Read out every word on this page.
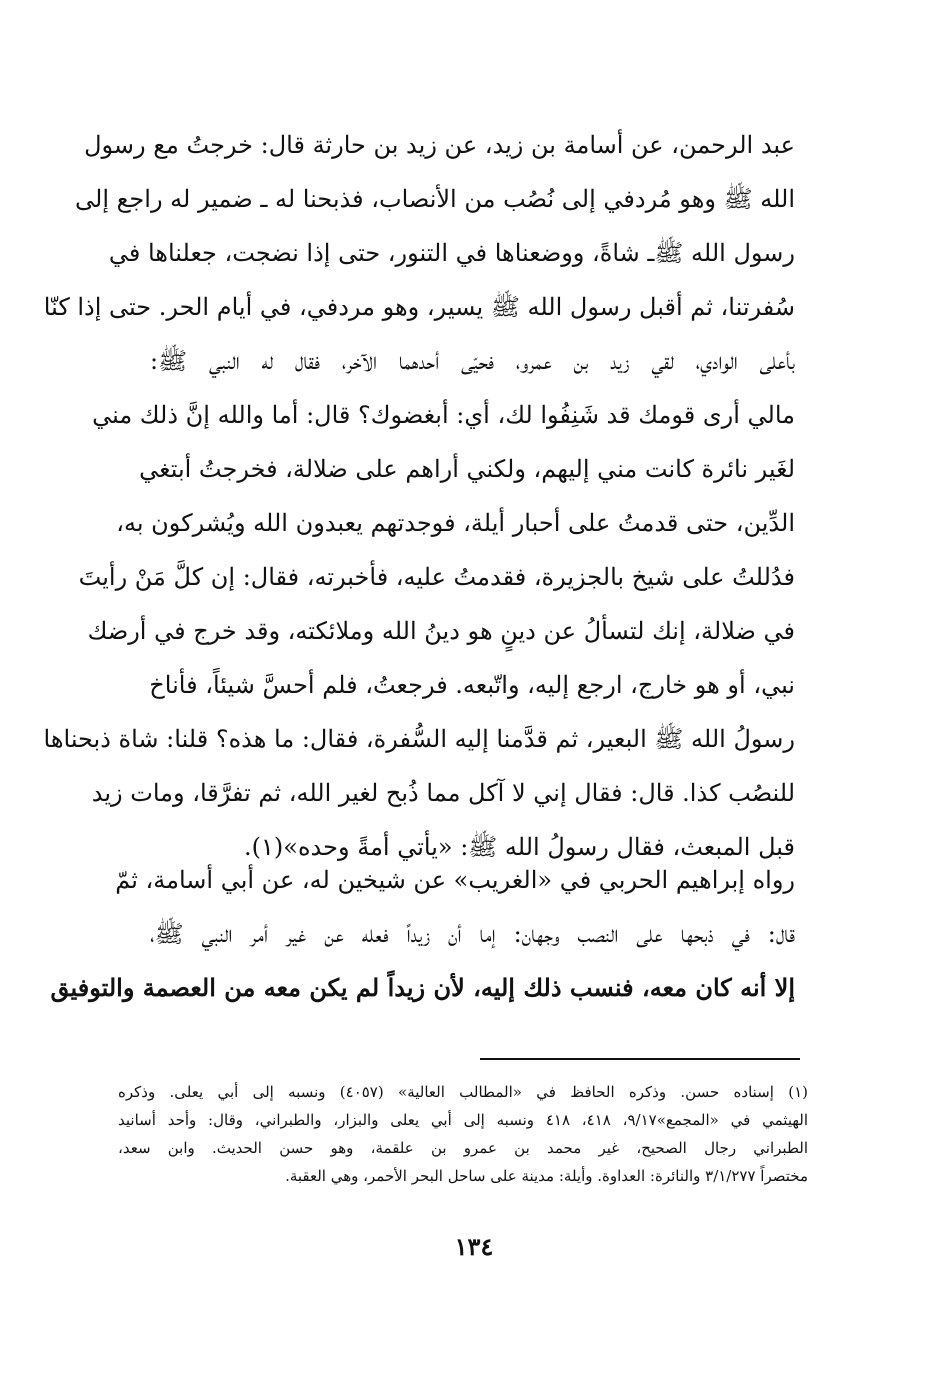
عبد الرحمن، عن أسامة بن زيد، عن زيد بن حارثة قال: خرجتُ مع رسول
الله ﷺ وهو مُردفي إلى نُصُب من الأنصاب، فذبحنا له ـ ضمير له راجع إلى
رسول الله ﷺـ شاةً، ووضعناها في التنور، حتى إذا نضجت، جعلناها في
سُفرتنا، ثم أقبل رسول الله ﷺ يسير، وهو مردفي، في أيام الحر. حتى إذا كنّا
بأعلى الوادي، لقي زيد بن عمرو، فحيّى أحدهما الآخر، فقال له النبي ﷺ:
مالي أرى قومك قد شَنِفُوا لك، أي: أبغضوك؟ قال: أما والله إنَّ ذلك مني
لغَير نائرة كانت مني إليهم، ولكني أراهم على ضلالة، فخرجتُ أبتغي
الدِّين، حتى قدمتُ على أحبار أيلة، فوجدتهم يعبدون الله ويُشركون به،
فدُللتُ على شيخ بالجزيرة، فقدمتُ عليه، فأخبرته، فقال: إن كلَّ مَنْ رأيتَ
في ضلالة، إنك لتسألُ عن دينٍ هو دينُ الله وملائكته، وقد خرج في أرضك
نبي، أو هو خارج، ارجع إليه، واتّبعه. فرجعتُ، فلم أحسَّ شيئاً، فأناخ
رسولُ الله ﷺ البعير، ثم قدَّمنا إليه السُّفرة، فقال: ما هذه؟ قلنا: شاة ذبحناها
للنصُب كذا. قال: فقال إني لا آكل مما ذُبح لغير الله، ثم تفرَّقا، ومات زيد
قبل المبعث، فقال رسولُ الله ﷺ: «يأتي أمةً وحده»(١).
رواه إبراهيم الحربي في «الغريب» عن شيخين له، عن أبي أسامة، ثمّ
قال: في ذبحها على النصب وجهان: إما أن زيداً فعله عن غير أمر النبي ﷺ،
إلا أنه كان معه، فنسب ذلك إليه، لأن زيداً لم يكن معه من العصمة والتوفيق
(١) إسناده حسن. وذكره الحافظ في «المطالب العالية» (٤٠٥٧) ونسبه إلى أبي يعلى. وذكره
الهيثمي في «المجمع»٩/١٧، ٤١٨، ٤١٨ ونسبه إلى أبي يعلى والبزار، والطبراني، وقال: وأحد أسانيد
الطبراني رجال الصحيح، غير محمد بن عمرو بن علقمة، وهو حسن الحديث. وابن سعد،
مختصراً ٣/١/٢٧٧ والنائرة: العداوة. وأيلة: مدينة على ساحل البحر الأحمر، وهي العقبة.
١٣٤
